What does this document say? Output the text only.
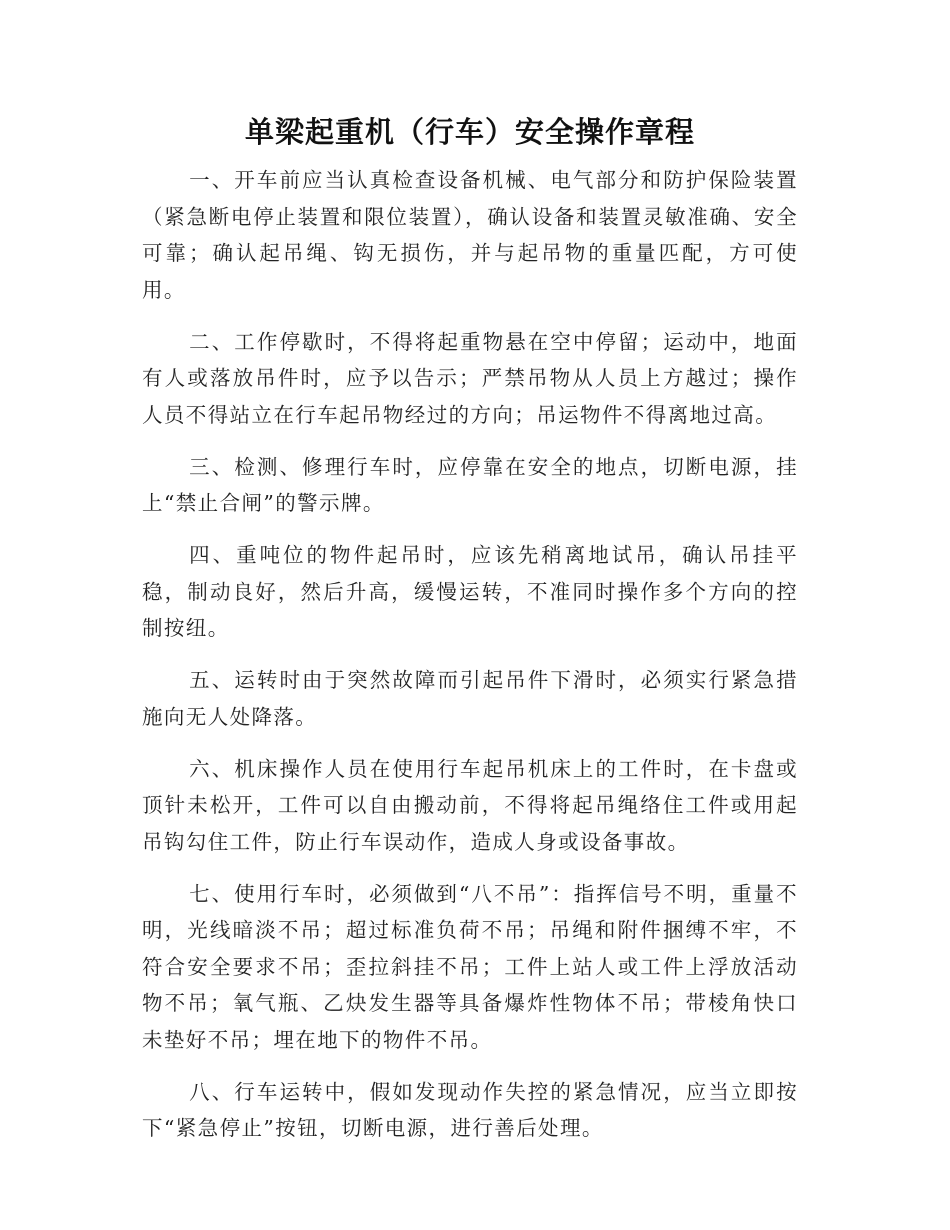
单梁起重机（行车）安全操作章程

一、开车前应当认真检查设备机械、电气部分和防护保险装置（紧急断电停止装置和限位装置），确认设备和装置灵敏准确、安全可靠；确认起吊绳、钩无损伤，并与起吊物的重量匹配，方可使用。

二、工作停歇时，不得将起重物悬在空中停留；运动中，地面有人或落放吊件时，应予以告示；严禁吊物从人员上方越过；操作人员不得站立在行车起吊物经过的方向；吊运物件不得离地过高。

三、检测、修理行车时，应停靠在安全的地点，切断电源，挂上“禁止合闸”的警示牌。

四、重吨位的物件起吊时，应该先稍离地试吊，确认吊挂平稳，制动良好，然后升高，缓慢运转，不准同时操作多个方向的控制按纽。

五、运转时由于突然故障而引起吊件下滑时，必须实行紧急措施向无人处降落。

六、机床操作人员在使用行车起吊机床上的工件时，在卡盘或顶针未松开，工件可以自由搬动前，不得将起吊绳络住工件或用起吊钩勾住工件，防止行车误动作，造成人身或设备事故。

七、使用行车时，必须做到“八不吊”：指挥信号不明，重量不明，光线暗淡不吊；超过标准负荷不吊；吊绳和附件捆缚不牢，不符合安全要求不吊；歪拉斜挂不吊；工件上站人或工件上浮放活动物不吊；氧气瓶、乙炔发生器等具备爆炸性物体不吊；带棱角快口未垫好不吊；埋在地下的物件不吊。

八、行车运转中，假如发现动作失控的紧急情况，应当立即按下“紧急停止”按钮，切断电源，进行善后处理。
